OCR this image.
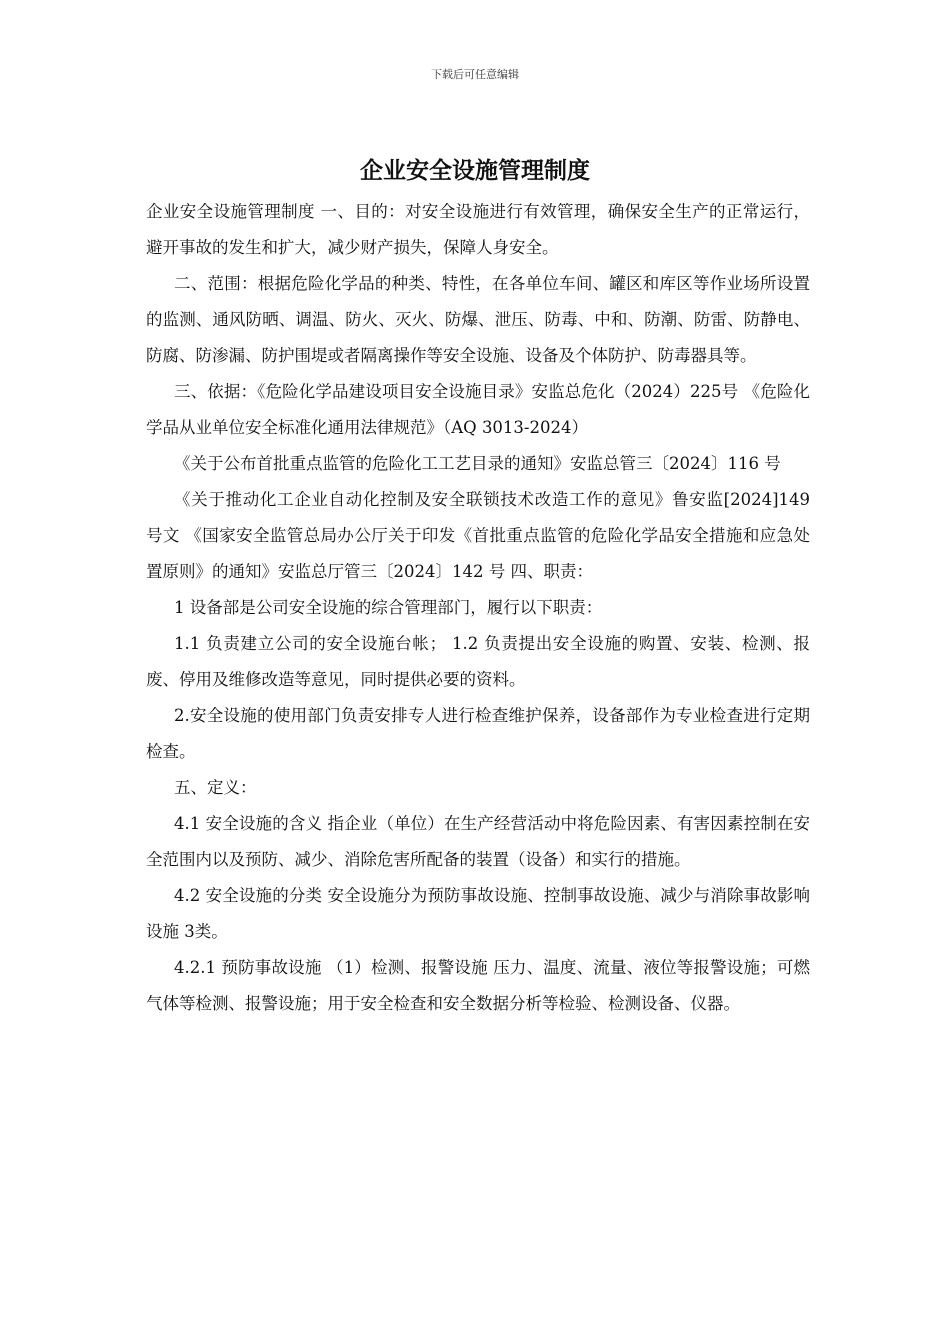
下载后可任意编辑
企业安全设施管理制度

企业安全设施管理制度 一、目的：对安全设施进行有效管理，确保安全生产的正常运行，避开事故的发生和扩大，减少财产损失，保障人身安全。

二、范围：根据危险化学品的种类、特性，在各单位车间、罐区和库区等作业场所设置的监测、通风防晒、调温、防火、灭火、防爆、泄压、防毒、中和、防潮、防雷、防静电、防腐、防渗漏、防护围堤或者隔离操作等安全设施、设备及个体防护、防毒器具等。

三、依据：《危险化学品建设项目安全设施目录》安监总危化（2024）225号 《危险化学品从业单位安全标准化通用法律规范》（AQ 3013-2024）

《关于公布首批重点监管的危险化工工艺目录的通知》安监总管三〔2024〕116 号

《关于推动化工企业自动化控制及安全联锁技术改造工作的意见》鲁安监[2024]149 号文 《国家安全监管总局办公厅关于印发《首批重点监管的危险化学品安全措施和应急处置原则》的通知》安监总厅管三〔2024〕142 号 四、职责：

1 设备部是公司安全设施的综合管理部门，履行以下职责：

1.1 负责建立公司的安全设施台帐； 1.2 负责提出安全设施的购置、安装、检测、报废、停用及维修改造等意见，同时提供必要的资料。

2.安全设施的使用部门负责安排专人进行检查维护保养，设备部作为专业检查进行定期检查。

五、定义：

4.1 安全设施的含义 指企业（单位）在生产经营活动中将危险因素、有害因素控制在安全范围内以及预防、减少、消除危害所配备的装置（设备）和实行的措施。

4.2 安全设施的分类 安全设施分为预防事故设施、控制事故设施、减少与消除事故影响设施 3类。

4.2.1 预防事故设施 （1）检测、报警设施 压力、温度、流量、液位等报警设施；可燃气体等检测、报警设施；用于安全检查和安全数据分析等检验、检测设备、仪器。
